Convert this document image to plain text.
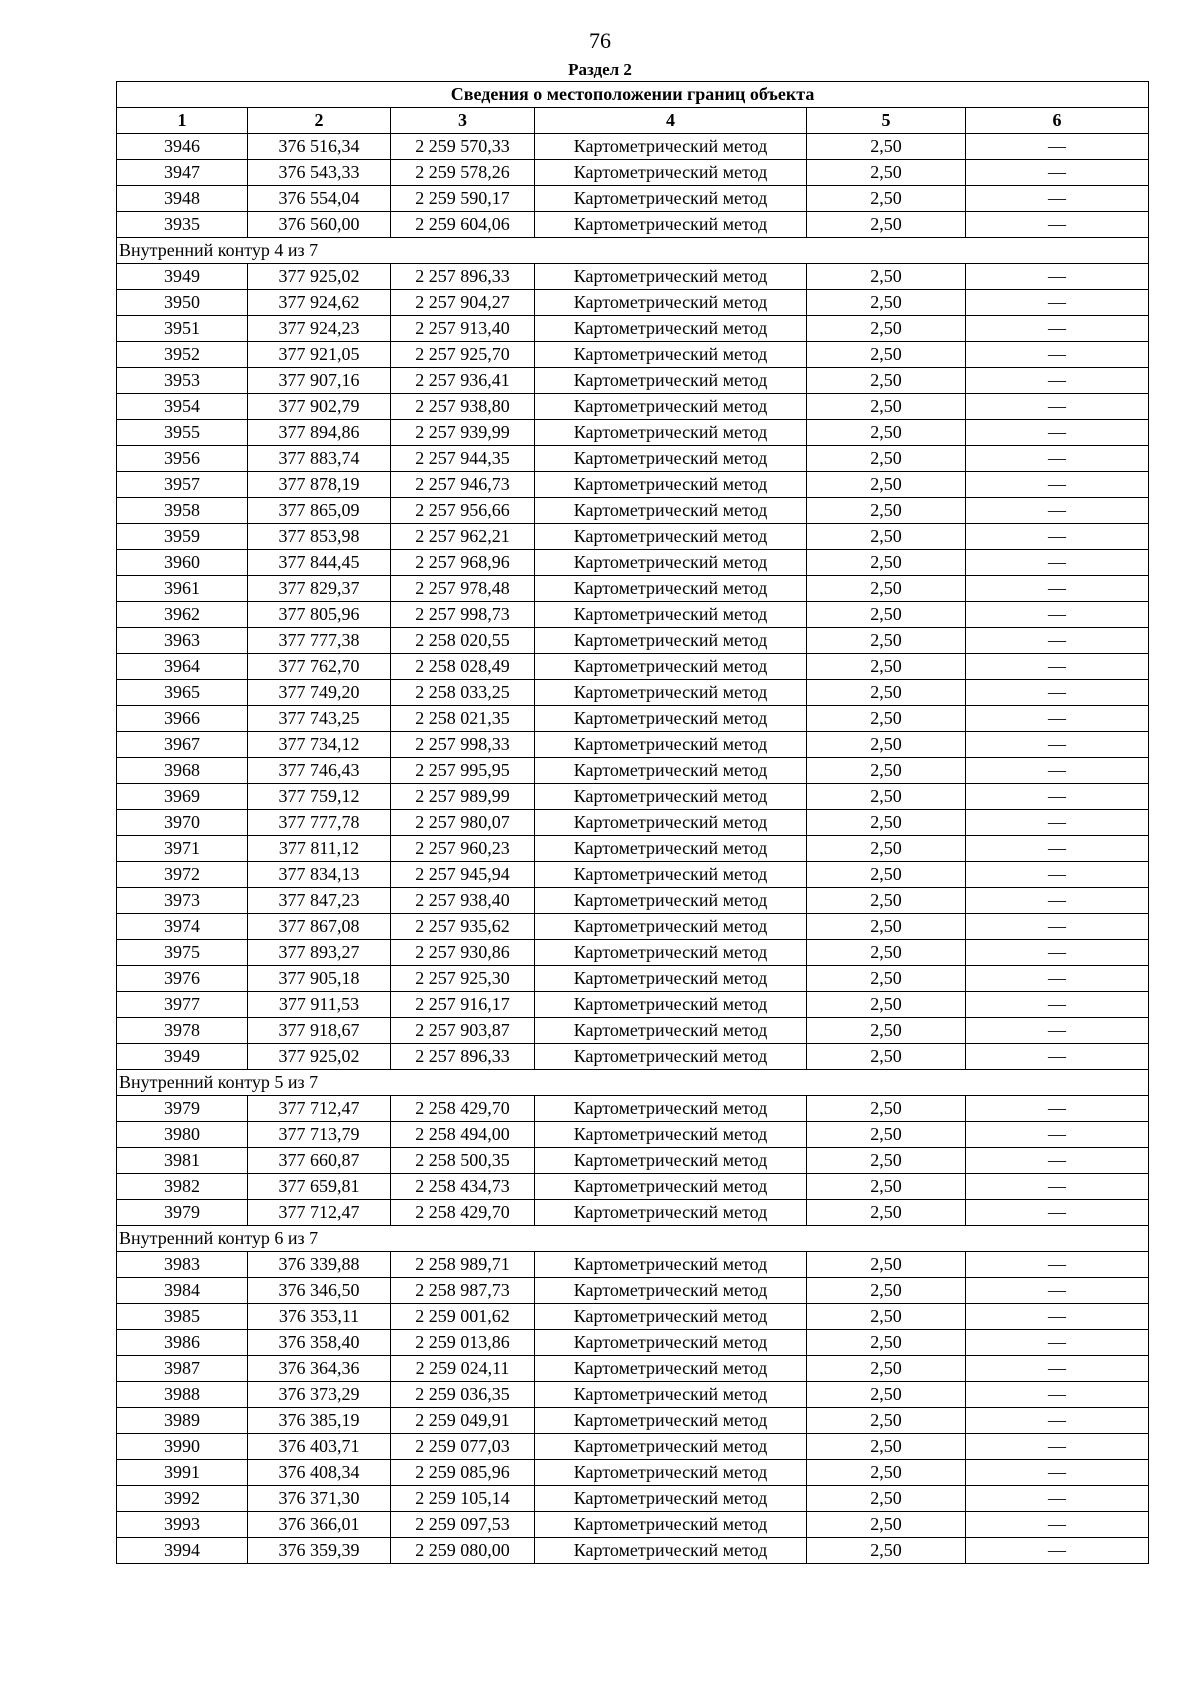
76
Раздел 2
Сведения о местоположении границ объекта					
1	2	3	4	5	6
3946	376 516,34	2 259 570,33	Картометрический метод	2,50	—
3947	376 543,33	2 259 578,26	Картометрический метод	2,50	—
3948	376 554,04	2 259 590,17	Картометрический метод	2,50	—
3935	376 560,00	2 259 604,06	Картометрический метод	2,50	—
Внутренний контур 4 из 7					
3949	377 925,02	2 257 896,33	Картометрический метод	2,50	—
3950	377 924,62	2 257 904,27	Картометрический метод	2,50	—
3951	377 924,23	2 257 913,40	Картометрический метод	2,50	—
3952	377 921,05	2 257 925,70	Картометрический метод	2,50	—
3953	377 907,16	2 257 936,41	Картометрический метод	2,50	—
3954	377 902,79	2 257 938,80	Картометрический метод	2,50	—
3955	377 894,86	2 257 939,99	Картометрический метод	2,50	—
3956	377 883,74	2 257 944,35	Картометрический метод	2,50	—
3957	377 878,19	2 257 946,73	Картометрический метод	2,50	—
3958	377 865,09	2 257 956,66	Картометрический метод	2,50	—
3959	377 853,98	2 257 962,21	Картометрический метод	2,50	—
3960	377 844,45	2 257 968,96	Картометрический метод	2,50	—
3961	377 829,37	2 257 978,48	Картометрический метод	2,50	—
3962	377 805,96	2 257 998,73	Картометрический метод	2,50	—
3963	377 777,38	2 258 020,55	Картометрический метод	2,50	—
3964	377 762,70	2 258 028,49	Картометрический метод	2,50	—
3965	377 749,20	2 258 033,25	Картометрический метод	2,50	—
3966	377 743,25	2 258 021,35	Картометрический метод	2,50	—
3967	377 734,12	2 257 998,33	Картометрический метод	2,50	—
3968	377 746,43	2 257 995,95	Картометрический метод	2,50	—
3969	377 759,12	2 257 989,99	Картометрический метод	2,50	—
3970	377 777,78	2 257 980,07	Картометрический метод	2,50	—
3971	377 811,12	2 257 960,23	Картометрический метод	2,50	—
3972	377 834,13	2 257 945,94	Картометрический метод	2,50	—
3973	377 847,23	2 257 938,40	Картометрический метод	2,50	—
3974	377 867,08	2 257 935,62	Картометрический метод	2,50	—
3975	377 893,27	2 257 930,86	Картометрический метод	2,50	—
3976	377 905,18	2 257 925,30	Картометрический метод	2,50	—
3977	377 911,53	2 257 916,17	Картометрический метод	2,50	—
3978	377 918,67	2 257 903,87	Картометрический метод	2,50	—
3949	377 925,02	2 257 896,33	Картометрический метод	2,50	—
Внутренний контур 5 из 7					
3979	377 712,47	2 258 429,70	Картометрический метод	2,50	—
3980	377 713,79	2 258 494,00	Картометрический метод	2,50	—
3981	377 660,87	2 258 500,35	Картометрический метод	2,50	—
3982	377 659,81	2 258 434,73	Картометрический метод	2,50	—
3979	377 712,47	2 258 429,70	Картометрический метод	2,50	—
Внутренний контур 6 из 7					
3983	376 339,88	2 258 989,71	Картометрический метод	2,50	—
3984	376 346,50	2 258 987,73	Картометрический метод	2,50	—
3985	376 353,11	2 259 001,62	Картометрический метод	2,50	—
3986	376 358,40	2 259 013,86	Картометрический метод	2,50	—
3987	376 364,36	2 259 024,11	Картометрический метод	2,50	—
3988	376 373,29	2 259 036,35	Картометрический метод	2,50	—
3989	376 385,19	2 259 049,91	Картометрический метод	2,50	—
3990	376 403,71	2 259 077,03	Картометрический метод	2,50	—
3991	376 408,34	2 259 085,96	Картометрический метод	2,50	—
3992	376 371,30	2 259 105,14	Картометрический метод	2,50	—
3993	376 366,01	2 259 097,53	Картометрический метод	2,50	—
3994	376 359,39	2 259 080,00	Картометрический метод	2,50	—
